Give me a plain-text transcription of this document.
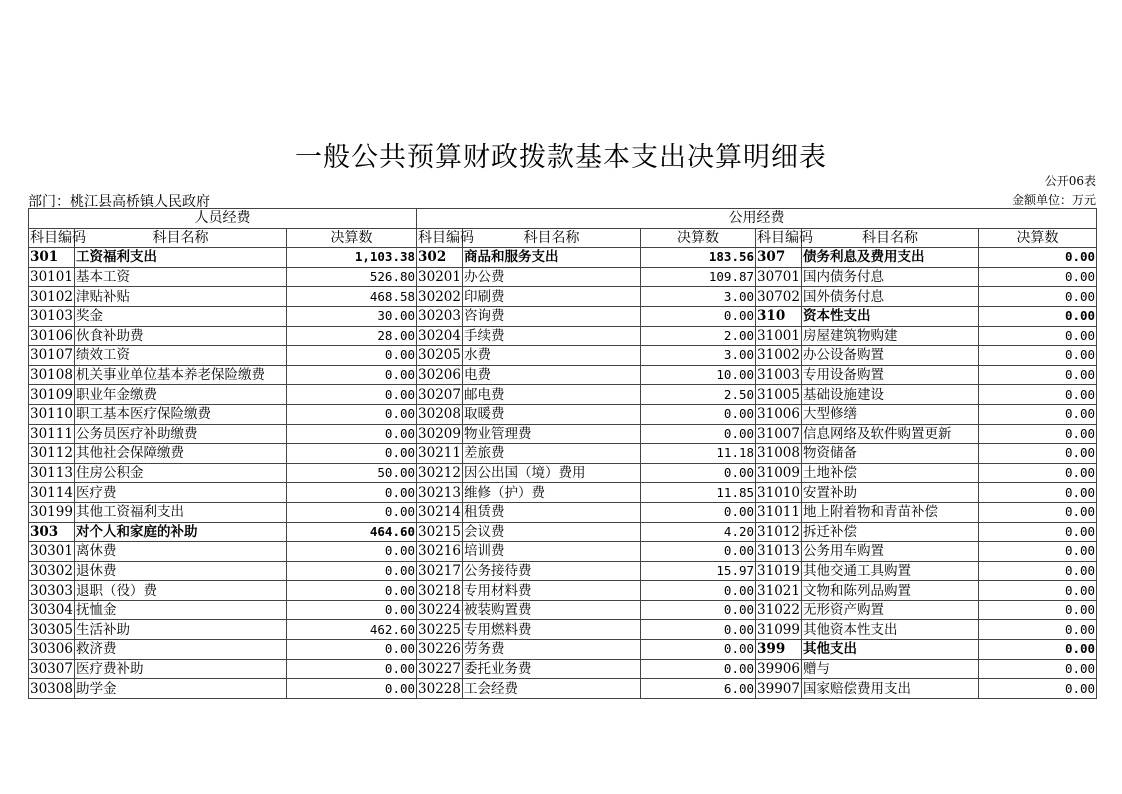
一般公共预算财政拨款基本支出决算明细表
公开06表
部门：桃江县高桥镇人民政府	金额单位：万元
人员经费			公用经费					
科目编码	科目名称	决算数	科目编码	科目名称	决算数	科目编码	科目名称	决算数
301	工资福利支出	1,103.38	302	商品和服务支出	183.56	307	债务利息及费用支出	0.00
30101	基本工资	526.80	30201	办公费	109.87	30701	国内债务付息	0.00
30102	津贴补贴	468.58	30202	印刷费	3.00	30702	国外债务付息	0.00
30103	奖金	30.00	30203	咨询费	0.00	310	资本性支出	0.00
30106	伙食补助费	28.00	30204	手续费	2.00	31001	房屋建筑物购建	0.00
30107	绩效工资	0.00	30205	水费	3.00	31002	办公设备购置	0.00
30108	机关事业单位基本养老保险缴费	0.00	30206	电费	10.00	31003	专用设备购置	0.00
30109	职业年金缴费	0.00	30207	邮电费	2.50	31005	基础设施建设	0.00
30110	职工基本医疗保险缴费	0.00	30208	取暖费	0.00	31006	大型修缮	0.00
30111	公务员医疗补助缴费	0.00	30209	物业管理费	0.00	31007	信息网络及软件购置更新	0.00
30112	其他社会保障缴费	0.00	30211	差旅费	11.18	31008	物资储备	0.00
30113	住房公积金	50.00	30212	因公出国（境）费用	0.00	31009	土地补偿	0.00
30114	医疗费	0.00	30213	维修（护）费	11.85	31010	安置补助	0.00
30199	其他工资福利支出	0.00	30214	租赁费	0.00	31011	地上附着物和青苗补偿	0.00
303	对个人和家庭的补助	464.60	30215	会议费	4.20	31012	拆迁补偿	0.00
30301	离休费	0.00	30216	培训费	0.00	31013	公务用车购置	0.00
30302	退休费	0.00	30217	公务接待费	15.97	31019	其他交通工具购置	0.00
30303	退职（役）费	0.00	30218	专用材料费	0.00	31021	文物和陈列品购置	0.00
30304	抚恤金	0.00	30224	被装购置费	0.00	31022	无形资产购置	0.00
30305	生活补助	462.60	30225	专用燃料费	0.00	31099	其他资本性支出	0.00
30306	救济费	0.00	30226	劳务费	0.00	399	其他支出	0.00
30307	医疗费补助	0.00	30227	委托业务费	0.00	39906	赠与	0.00
30308	助学金	0.00	30228	工会经费	6.00	39907	国家赔偿费用支出	0.00
